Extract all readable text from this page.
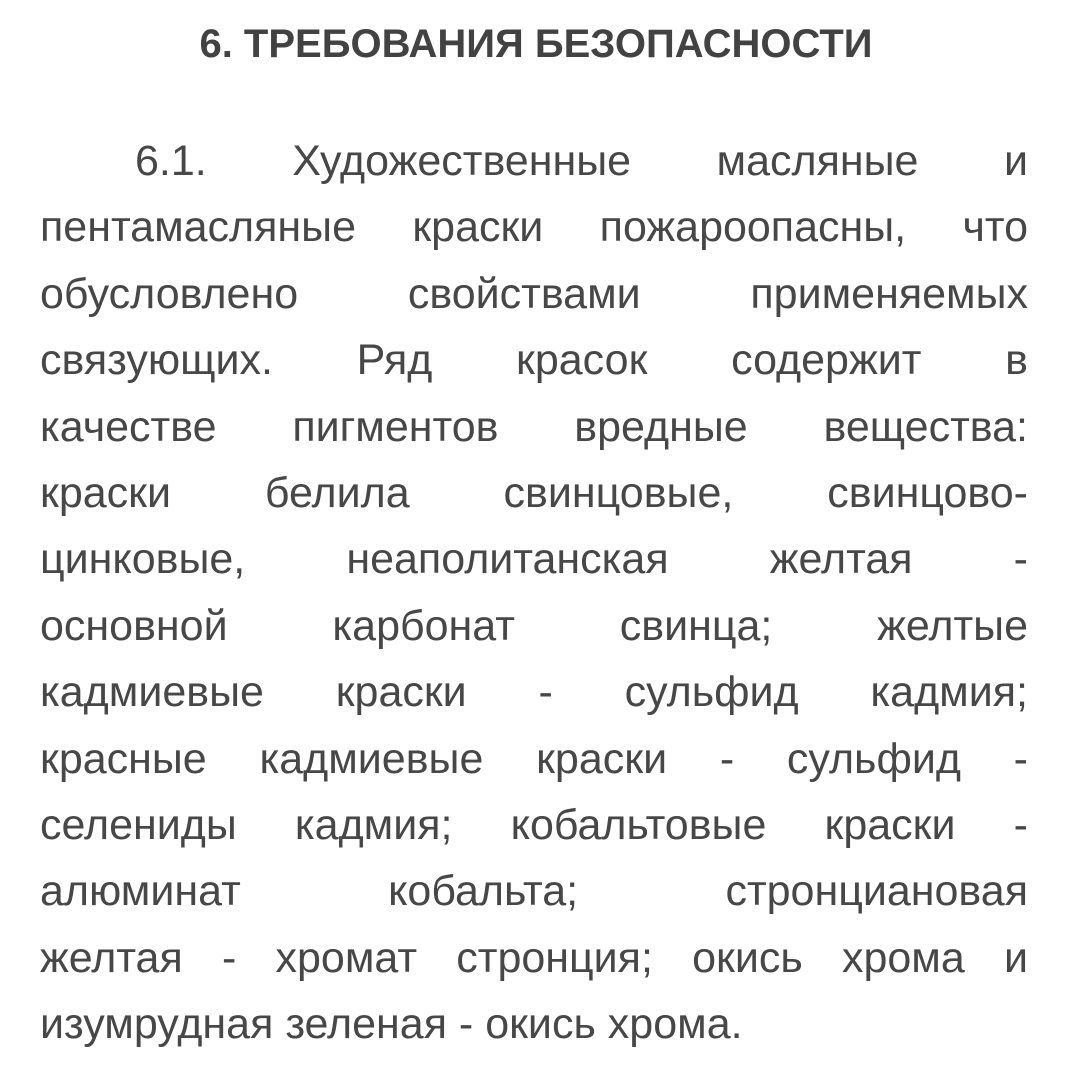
6. ТРЕБОВАНИЯ БЕЗОПАСНОСТИ
6.1. Художественные масляные и
пентамасляные краски пожароопасны, что
обусловлено свойствами применяемых
связующих. Ряд красок содержит в
качестве пигментов вредные вещества:
краски белила свинцовые, свинцово-
цинковые, неаполитанская желтая -
основной карбонат свинца; желтые
кадмиевые краски - сульфид кадмия;
красные кадмиевые краски - сульфид -
селениды кадмия; кобальтовые краски -
алюминат кобальта; стронциановая
желтая - хромат стронция; окись хрома и
изумрудная зеленая - окись хрома.
